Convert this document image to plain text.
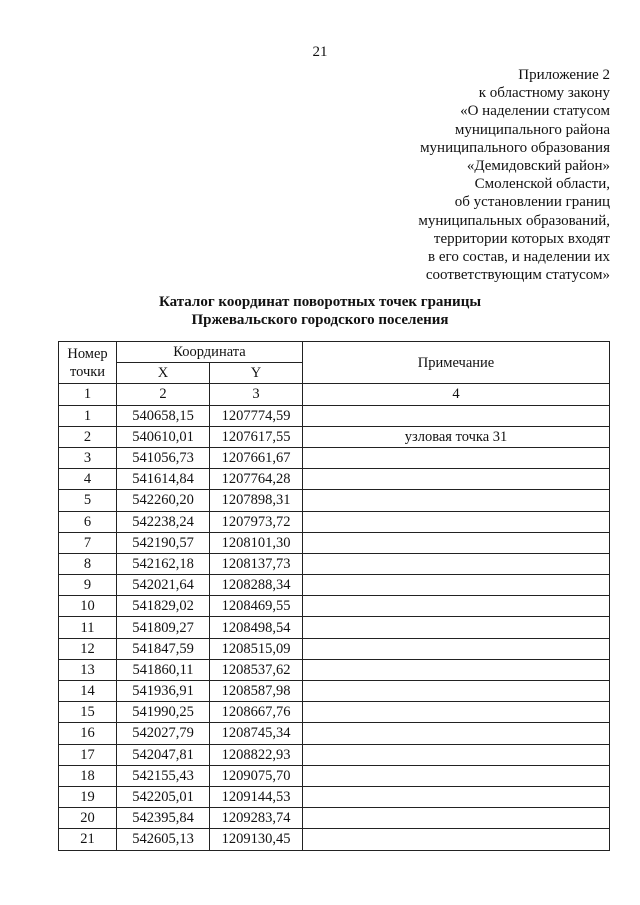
21
Приложение 2
к областному закону
«О наделении статусом
муниципального района
муниципального образования
«Демидовский район»
Смоленской области,
об установлении границ
муниципальных образований,
территории которых входят
в его состав, и наделении их
соответствующим статусом»
Каталог координат поворотных точек границы
Пржевальского городского поселения
Номер
точки	Координата		Примечание
	X	Y	
1	2	3	4
1	540658,15	1207774,59	
2	540610,01	1207617,55	узловая точка 31
3	541056,73	1207661,67	
4	541614,84	1207764,28	
5	542260,20	1207898,31	
6	542238,24	1207973,72	
7	542190,57	1208101,30	
8	542162,18	1208137,73	
9	542021,64	1208288,34	
10	541829,02	1208469,55	
11	541809,27	1208498,54	
12	541847,59	1208515,09	
13	541860,11	1208537,62	
14	541936,91	1208587,98	
15	541990,25	1208667,76	
16	542027,79	1208745,34	
17	542047,81	1208822,93	
18	542155,43	1209075,70	
19	542205,01	1209144,53	
20	542395,84	1209283,74	
21	542605,13	1209130,45	
